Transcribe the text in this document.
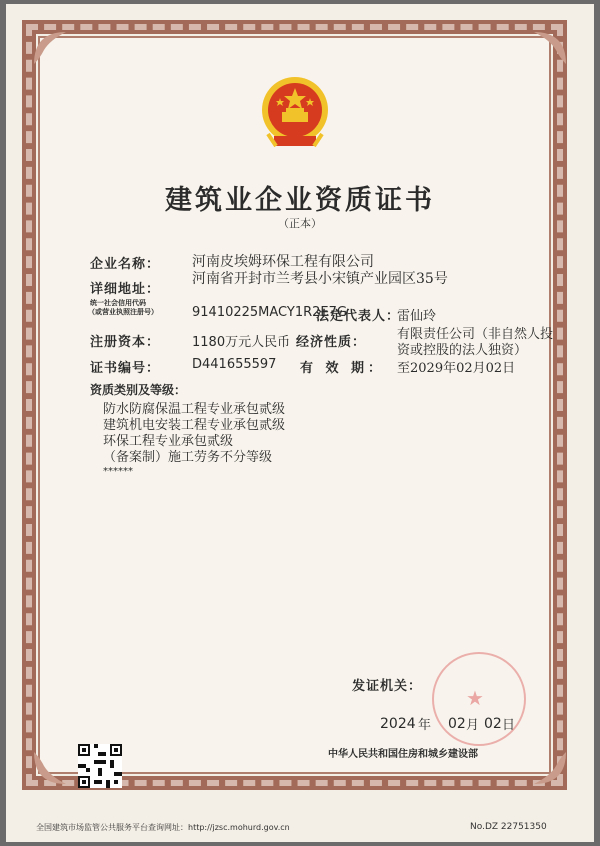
建筑业企业资质证书
（正本）
企业名称： 河南皮埃姆环保工程有限公司
详细地址：
河南省开封市兰考县小宋镇产业园区35号
统一社会信用代码
（或营业执照注册号）	91410225MACY1R2E7G
法定代表人：
雷仙玲
注册资本： 1180万元人民币 经济性质：
有限责任公司（非自然人投
资或控股的法人独资）
证书编号： D441655597 有 效 期： 至2029年02月02日
资质类别及等级：
防水防腐保温工程专业承包贰级
建筑机电安装工程专业承包贰级
环保工程专业承包贰级
（备案制）施工劳务不分等级
******
★
发证机关：
2024 年 02 月 02 日
中华人民共和国住房和城乡建设部
全国建筑市场监管公共服务平台查询网址：http://jzsc.mohurd.gov.cn	No.DZ 22751350
